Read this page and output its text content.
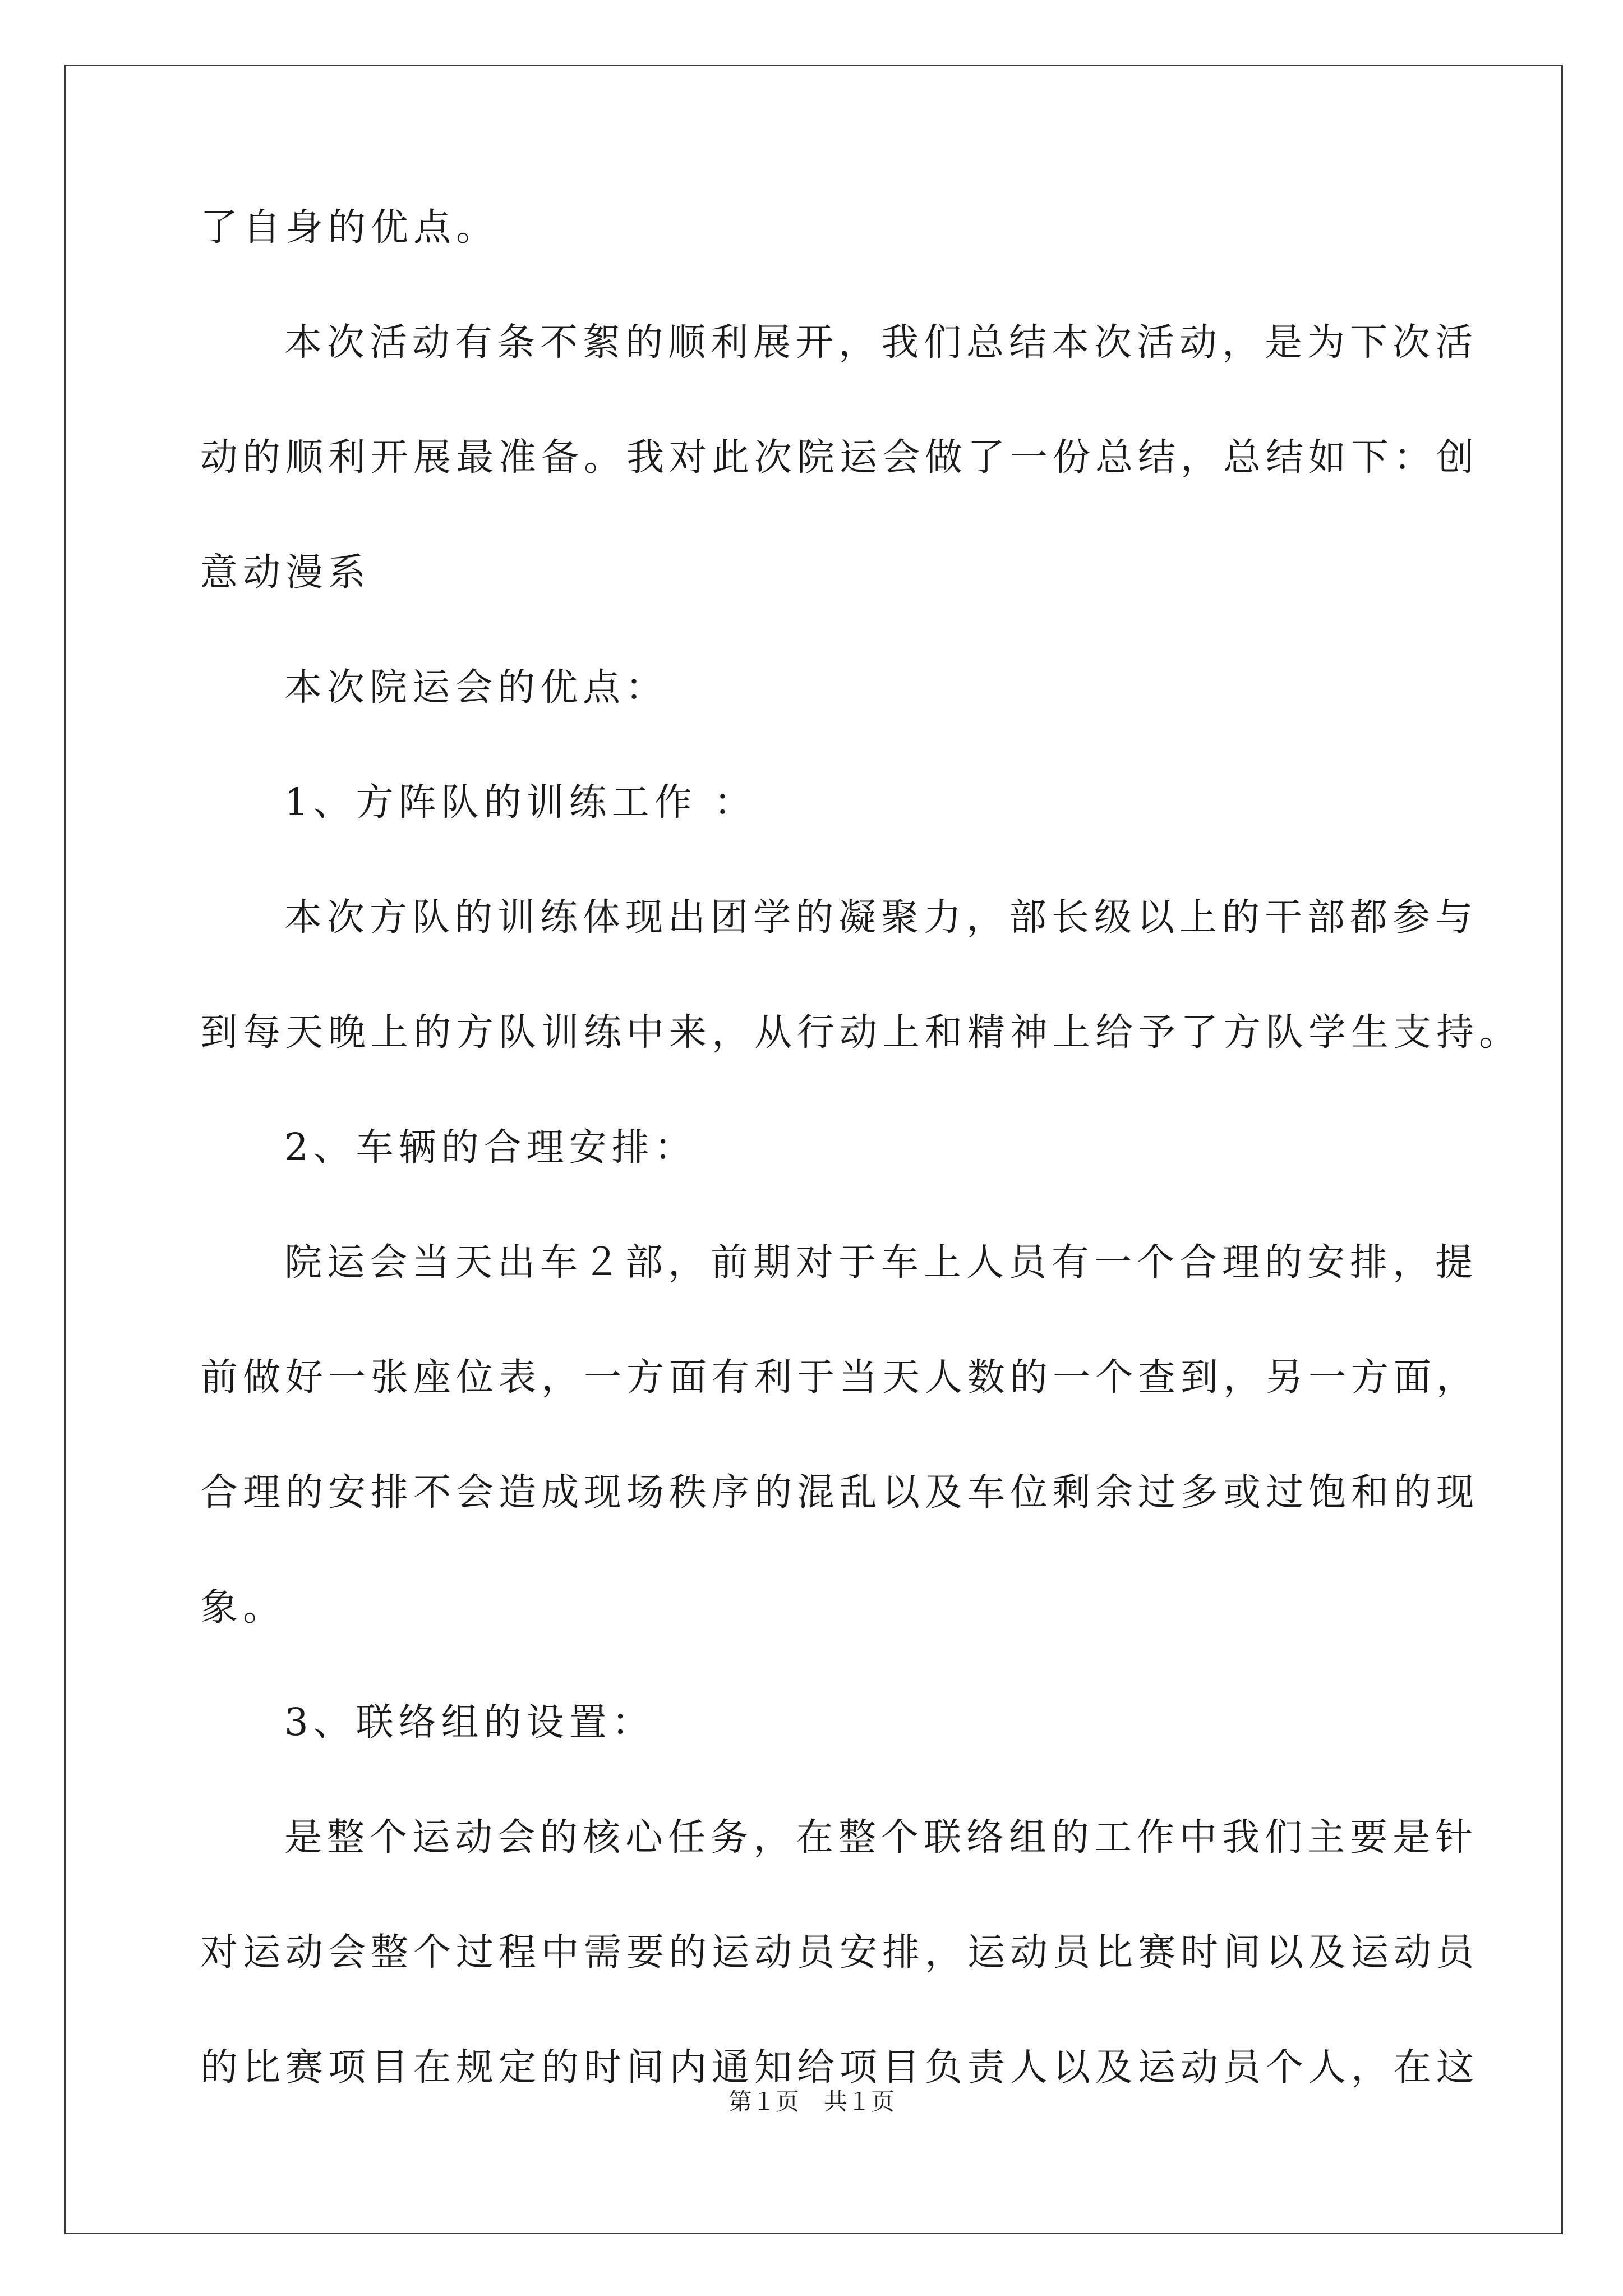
了自身的优点。
本次活动有条不絮的顺利展开，我们总结本次活动，是为下次活
动的顺利开展最准备。我对此次院运会做了一份总结，总结如下：创
意动漫系
本次院运会的优点：
1、方阵队的训练工作 ：
本次方队的训练体现出团学的凝聚力，部长级以上的干部都参与
到每天晚上的方队训练中来，从行动上和精神上给予了方队学生支持。
2、车辆的合理安排：
院运会当天出车２部，前期对于车上人员有一个合理的安排，提
前做好一张座位表，一方面有利于当天人数的一个查到，另一方面，
合理的安排不会造成现场秩序的混乱以及车位剩余过多或过饱和的现
象。
3、联络组的设置：
是整个运动会的核心任务，在整个联络组的工作中我们主要是针
对运动会整个过程中需要的运动员安排，运动员比赛时间以及运动员
的比赛项目在规定的时间内通知给项目负责人以及运动员个人，在这
第１页 共１页
